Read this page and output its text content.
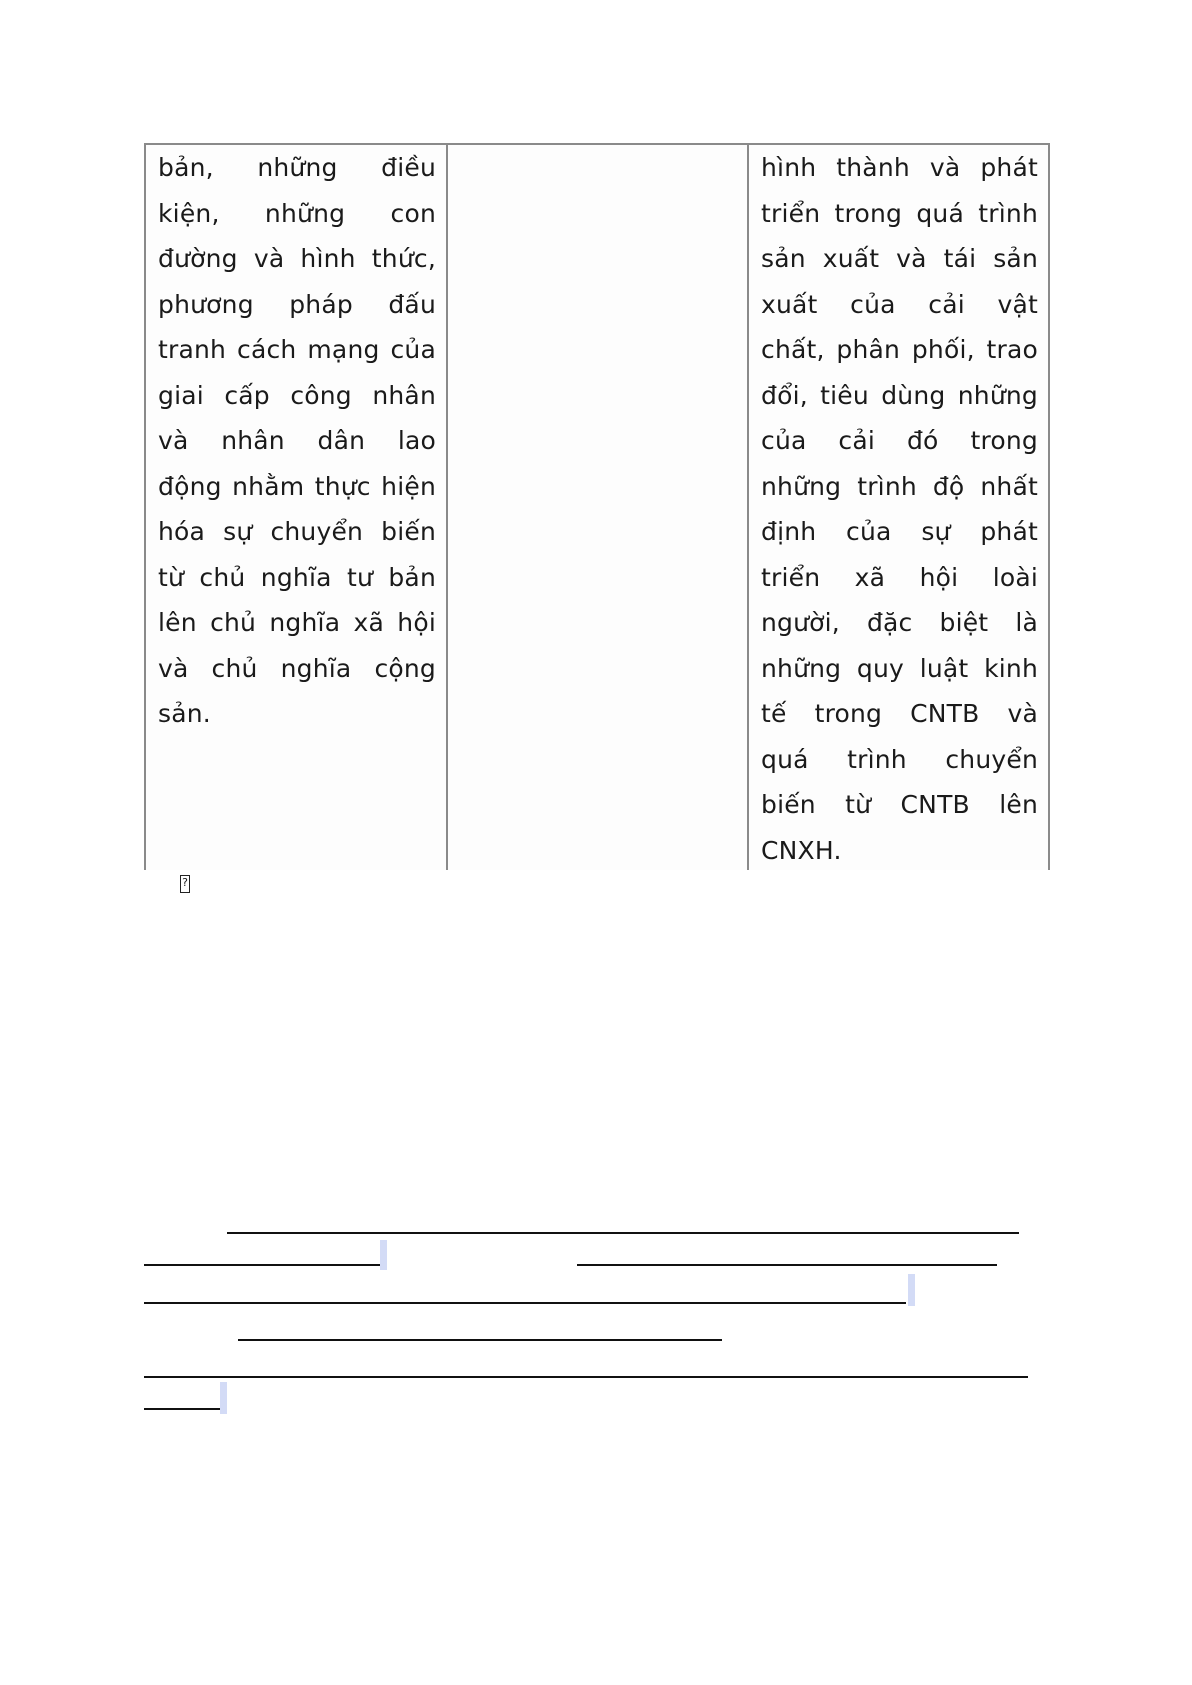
bản, những điều kiện, những con đường và hình thức, phương pháp đấu tranh cách mạng của giai cấp công nhân và nhân dân lao động nhằm thực hiện hóa sự chuyển biến từ chủ nghĩa tư bản lên chủ nghĩa xã hội và chủ nghĩa cộng sản.

hình thành và phát triển trong quá trình sản xuất và tái sản xuất của cải vật chất, phân phối, trao đổi, tiêu dùng những của cải đó trong những trình độ nhất định của sự phát triển xã hội loài người, đặc biệt là những quy luật kinh tế trong CNTB và quá trình chuyển biến từ CNTB lên CNXH.

?
